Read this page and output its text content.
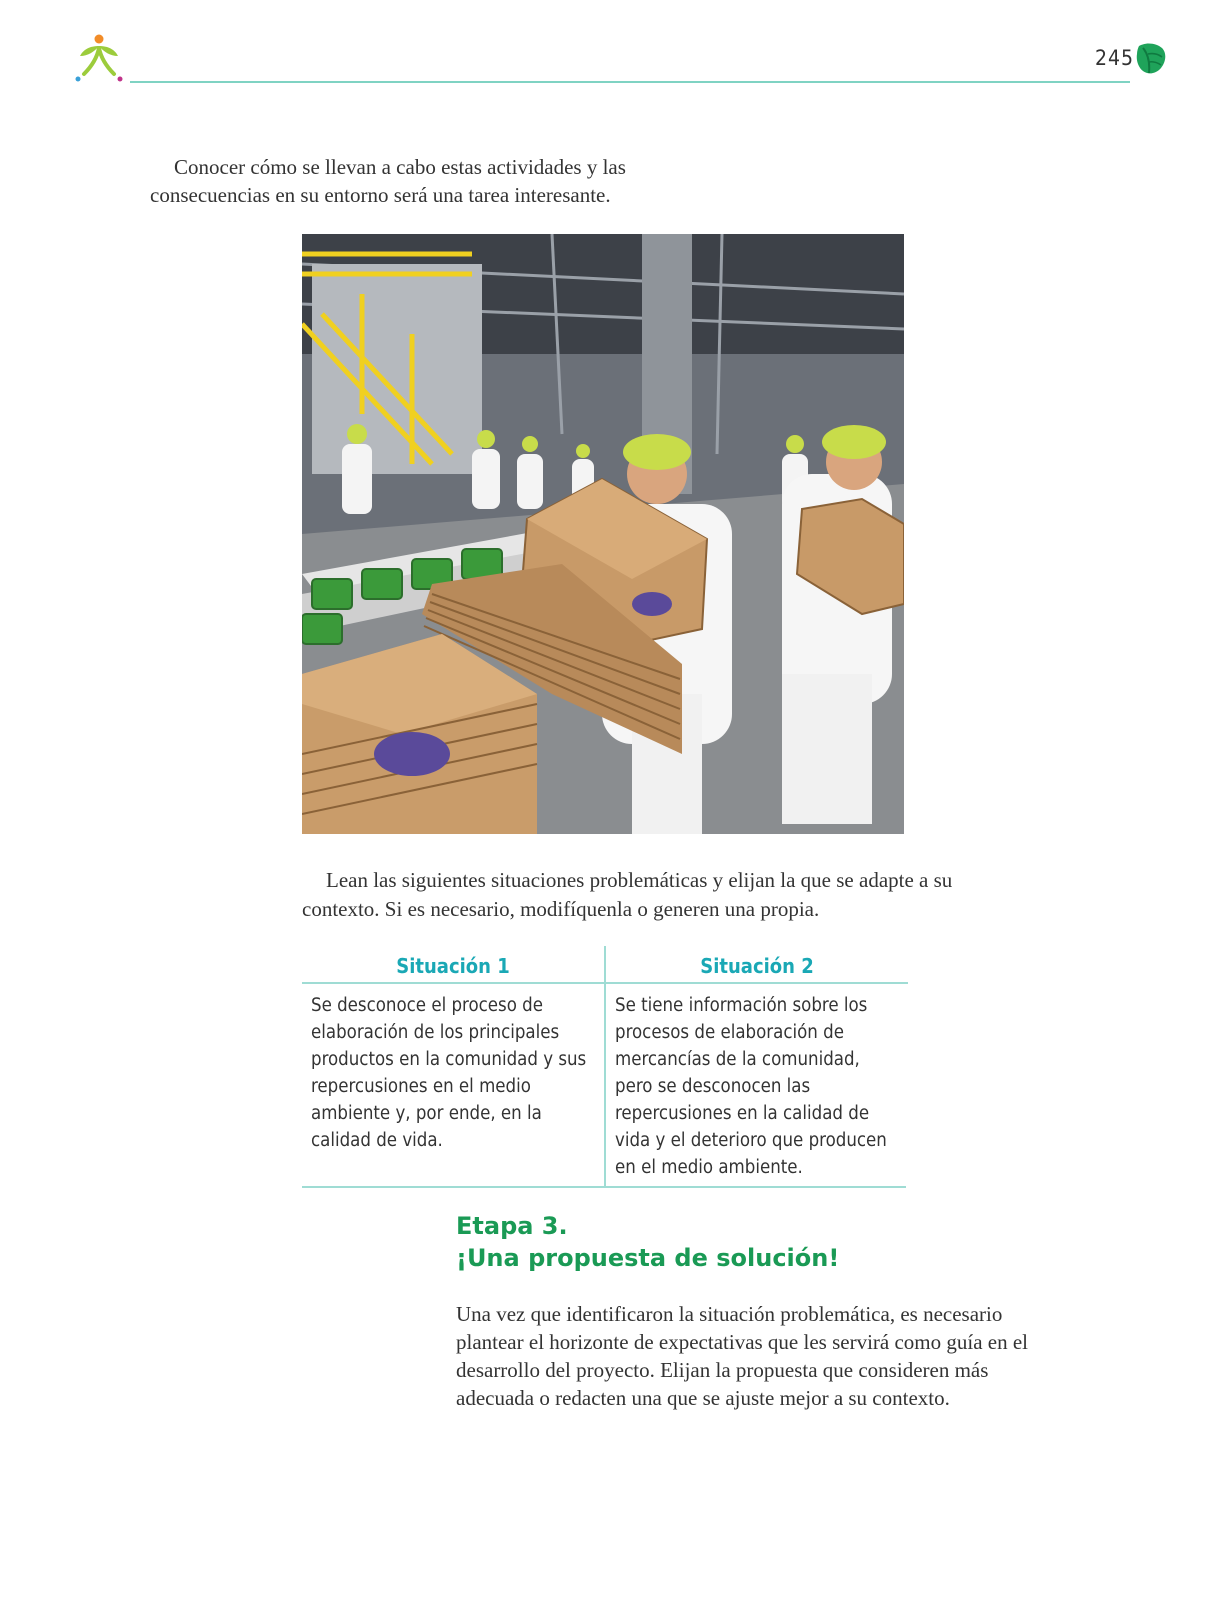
245

Conocer cómo se llevan a cabo estas actividades y las consecuencias en su entorno será una tarea interesante.

Lean las siguientes situaciones problemáticas y elijan la que se adapte a su contexto. Si es necesario, modifíquenla o generen una propia.

Situación 1
Se desconoce el proceso de elaboración de los principales productos en la comunidad y sus repercusiones en el medio ambiente y, por ende, en la calidad de vida.
Situación 2
Se tiene información sobre los procesos de elaboración de mercancías de la comunidad, pero se desconocen las repercusiones en la calidad de vida y el deterioro que producen en el medio ambiente.
Etapa 3.
¡Una propuesta de solución!

Una vez que identificaron la situación problemática, es necesario plantear el horizonte de expectativas que les servirá como guía en el desarrollo del proyecto. Elijan la propuesta que consideren más adecuada o redacten una que se ajuste mejor a su contexto.
